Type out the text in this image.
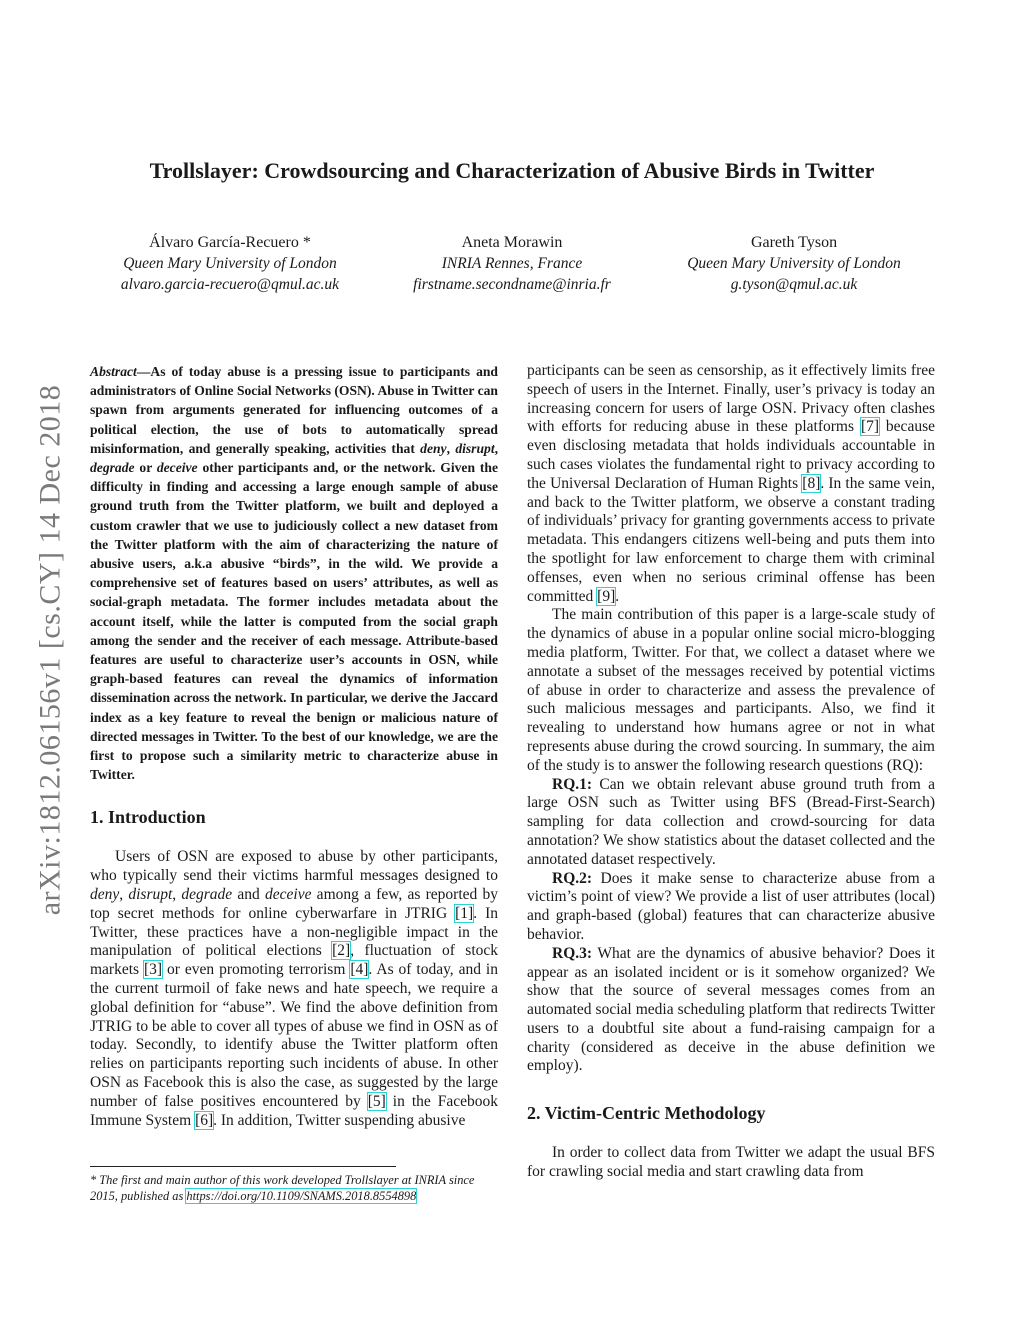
arXiv:1812.06156v1 [cs.CY] 14 Dec 2018
Trollslayer: Crowdsourcing and Characterization of Abusive Birds in Twitter
Álvaro García-Recuero *
Queen Mary University of London
alvaro.garcia-recuero@qmul.ac.uk
Aneta Morawin
INRIA Rennes, France
firstname.secondname@inria.fr
Gareth Tyson
Queen Mary University of London
g.tyson@qmul.ac.uk

Abstract—As of today abuse is a pressing issue to participants and administrators of Online Social Networks (OSN). Abuse in Twitter can spawn from arguments generated for influencing outcomes of a political election, the use of bots to automatically spread misinformation, and generally speaking, activities that deny, disrupt, degrade or deceive other participants and, or the network. Given the difficulty in finding and accessing a large enough sample of abuse ground truth from the Twitter platform, we built and deployed a custom crawler that we use to judiciously collect a new dataset from the Twitter platform with the aim of characterizing the nature of abusive users, a.k.a abusive “birds”, in the wild. We provide a comprehensive set of features based on users’ attributes, as well as social-graph metadata. The former includes metadata about the account itself, while the latter is computed from the social graph among the sender and the receiver of each message. Attribute-based features are useful to characterize user’s accounts in OSN, while graph-based features can reveal the dynamics of information dissemination across the network. In particular, we derive the Jaccard index as a key feature to reveal the benign or malicious nature of directed messages in Twitter. To the best of our knowledge, we are the first to propose such a similarity metric to characterize abuse in Twitter.

1. Introduction

Users of OSN are exposed to abuse by other participants, who typically send their victims harmful messages designed to deny, disrupt, degrade and deceive among a few, as reported by top secret methods for online cyberwarfare in JTRIG [1]. In Twitter, these practices have a non-negligible impact in the manipulation of political elections [2], fluctuation of stock markets [3] or even promoting terrorism [4]. As of today, and in the current turmoil of fake news and hate speech, we require a global definition for “abuse”. We find the above definition from JTRIG to be able to cover all types of abuse we find in OSN as of today. Secondly, to identify abuse the Twitter platform often relies on participants reporting such incidents of abuse. In other OSN as Facebook this is also the case, as suggested by the large number of false positives encountered by [5] in the Facebook Immune System [6]. In addition, Twitter suspending abusive

participants can be seen as censorship, as it effectively limits free speech of users in the Internet. Finally, user’s privacy is today an increasing concern for users of large OSN. Privacy often clashes with efforts for reducing abuse in these platforms [7] because even disclosing metadata that holds individuals accountable in such cases violates the fundamental right to privacy according to the Universal Declaration of Human Rights [8]. In the same vein, and back to the Twitter platform, we observe a constant trading of individuals’ privacy for granting governments access to private metadata. This endangers citizens well-being and puts them into the spotlight for law enforcement to charge them with criminal offenses, even when no serious criminal offense has been committed [9].

The main contribution of this paper is a large-scale study of the dynamics of abuse in a popular online social micro-blogging media platform, Twitter. For that, we collect a dataset where we annotate a subset of the messages received by potential victims of abuse in order to characterize and assess the prevalence of such malicious messages and participants. Also, we find it revealing to understand how humans agree or not in what represents abuse during the crowd sourcing. In summary, the aim of the study is to answer the following research questions (RQ):

RQ.1: Can we obtain relevant abuse ground truth from a large OSN such as Twitter using BFS (Bread-First-Search) sampling for data collection and crowd-sourcing for data annotation? We show statistics about the dataset collected and the annotated dataset respectively.

RQ.2: Does it make sense to characterize abuse from a victim’s point of view? We provide a list of user attributes (local) and graph-based (global) features that can characterize abusive behavior.

RQ.3: What are the dynamics of abusive behavior? Does it appear as an isolated incident or is it somehow organized? We show that the source of several messages comes from an automated social media scheduling platform that redirects Twitter users to a doubtful site about a fund-raising campaign for a charity (considered as deceive in the abuse definition we employ).

2. Victim-Centric Methodology

In order to collect data from Twitter we adapt the usual BFS for crawling social media and start crawling data from

* The first and main author of this work developed Trollslayer at INRIA since 2015, published as https://doi.org/10.1109/SNAMS.2018.8554898
